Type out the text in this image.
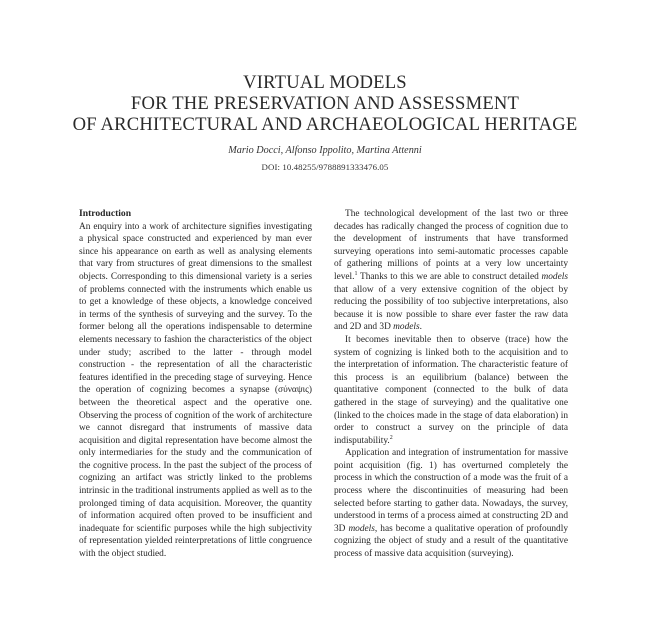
VIRTUAL MODELS
FOR THE PRESERVATION AND ASSESSMENT
OF ARCHITECTURAL AND ARCHAEOLOGICAL HERITAGE
Mario Docci, Alfonso Ippolito, Martina Attenni
DOI: 10.48255/9788891333476.05

Introduction

An enquiry into a work of architecture signifies investigating a physical space constructed and experienced by man ever since his appearance on earth as well as analysing elements that vary from structures of great dimensions to the smallest objects. Corresponding to this dimensional variety is a series of problems connected with the instruments which enable us to get a knowledge of these objects, a knowledge conceived in terms of the synthesis of surveying and the survey. To the former belong all the operations indispensable to determine elements necessary to fashion the characteristics of the object under study; ascribed to the latter - through model construction - the representation of all the characteristic features identified in the preceding stage of surveying. Hence the operation of cognizing becomes a synapse (σύναψις) between the theoretical aspect and the operative one. Observing the process of cognition of the work of architecture we cannot disregard that instruments of massive data acquisition and digital representation have become almost the only intermediaries for the study and the communication of the cognitive process. In the past the subject of the process of cognizing an artifact was strictly linked to the problems intrinsic in the traditional instruments applied as well as to the prolonged timing of data acquisition. Moreover, the quantity of information acquired often proved to be insufficient and inadequate for scientific purposes while the high subjectivity of representation yielded reinterpretations of little congruence with the object studied.

The technological development of the last two or three decades has radically changed the process of cognition due to the development of instruments that have transformed surveying operations into semi-automatic processes capable of gathering millions of points at a very low uncertainty level.$^1$ Thanks to this we are able to construct detailed models that allow of a very extensive cognition of the object by reducing the possibility of too subjective interpretations, also because it is now possible to share ever faster the raw data and 2D and 3D models.

It becomes inevitable then to observe (trace) how the system of cognizing is linked both to the acquisition and to the interpretation of information. The characteristic feature of this process is an equilibrium (balance) between the quantitative component (connected to the bulk of data gathered in the stage of surveying) and the qualitative one (linked to the choices made in the stage of data elaboration) in order to construct a survey on the principle of data indisputability.$^2$

Application and integration of instrumentation for massive point acquisition (fig. 1) has overturned completely the process in which the construction of a mode was the fruit of a process where the discontinuities of measuring had been selected before starting to gather data. Nowadays, the survey, understood in terms of a process aimed at constructing 2D and 3D models, has become a qualitative operation of profoundly cognizing the object of study and a result of the quantitative process of massive data acquisition (surveying).
